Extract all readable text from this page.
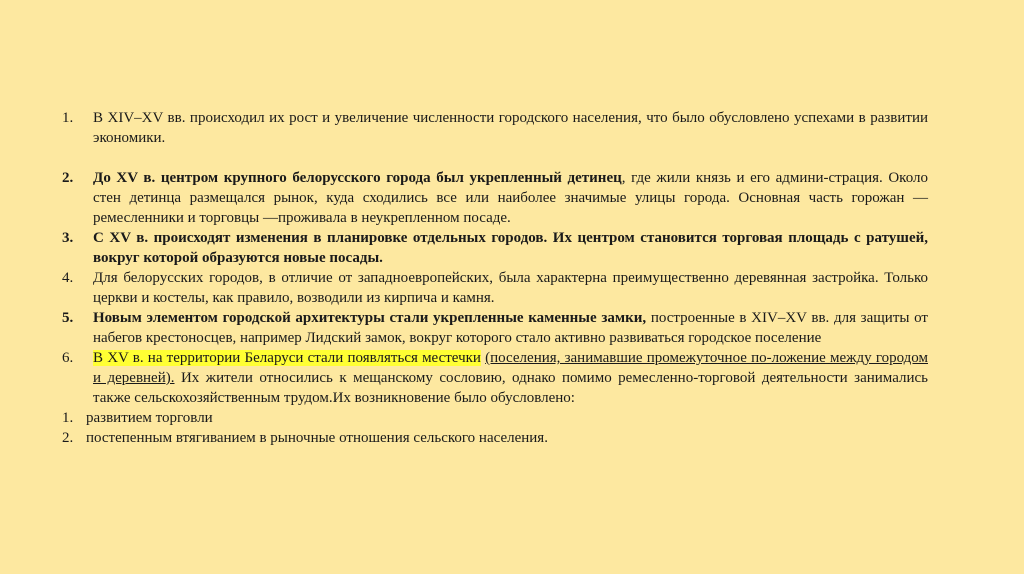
1.	В XIV–XV вв. происходил их рост и увеличение численности городского населения, что было обусловлено успехами в развитии экономики.
2.	До XV в. центром крупного белорусского города был укрепленный детинец, где жили князь и его админи-страция. Около стен детинца размещался рынок, куда сходились все или наиболее значимые улицы города. Основная часть горожан —ремесленники и торговцы —проживала в неукрепленном посаде.
3.	С XV в. происходят изменения в планировке отдельных городов. Их центром становится торговая площадь с ратушей, вокруг которой образуются новые посады.
4.	Для белорусских городов, в отличие от западноевропейских, была характерна преимущественно деревянная застройка. Только церкви и костелы, как правило, возводили из кирпича и камня.
5.	Новым элементом городской архитектуры стали укрепленные каменные замки, построенные в XIV–XV вв. для защиты от набегов крестоносцев, например Лидский замок, вокруг которого стало активно развиваться городское поселение
6.	В XV в. на территории Беларуси стали появляться местечки (поселения, занимавшие промежуточное по-ложение между городом и деревней). Их жители относились к мещанскому сословию, однако помимо ремесленно-торговой деятельности занимались также сельскохозяйственным трудом.Их возникновение было обусловлено:
1. развитием торговли
2. постепенным втягиванием в рыночные отношения сельского населения.
